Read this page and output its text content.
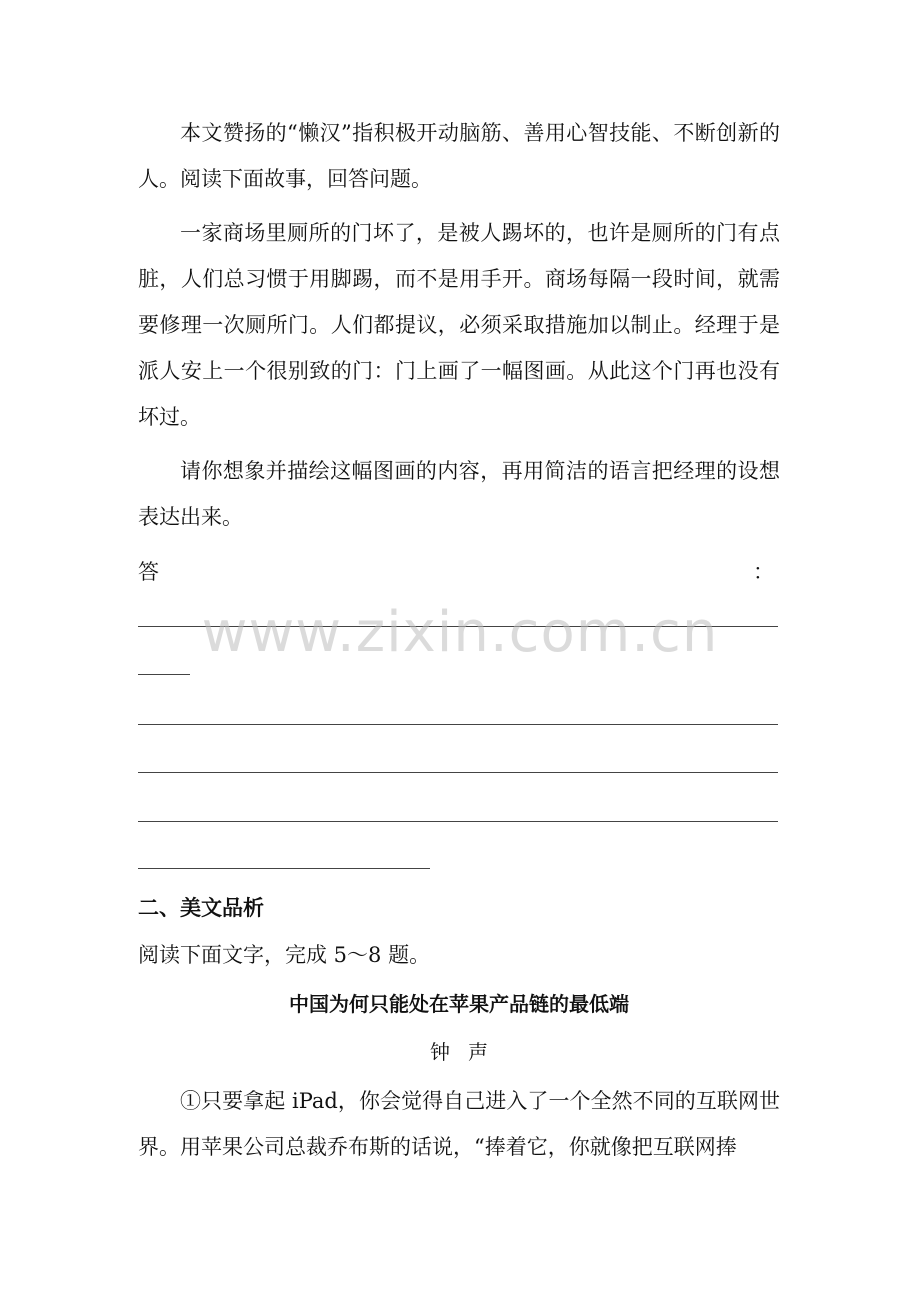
本文赞扬的“懒汉”指积极开动脑筋、善用心智技能、不断创新的人。阅读下面故事，回答问题。

一家商场里厕所的门坏了，是被人踢坏的，也许是厕所的门有点脏，人们总习惯于用脚踢，而不是用手开。商场每隔一段时间，就需要修理一次厕所门。人们都提议，必须采取措施加以制止。经理于是派人安上一个很别致的门：门上画了一幅图画。从此这个门再也没有坏过。

请你想象并描绘这幅图画的内容，再用简洁的语言把经理的设想表达出来。

答	：
www.zixin.com.cn

二、美文品析

阅读下面文字，完成 5～8 题。

中国为何只能处在苹果产品链的最低端

钟声

①只要拿起 iPad，你会觉得自己进入了一个全然不同的互联网世界。用苹果公司总裁乔布斯的话说，“捧着它，你就像把互联网捧
